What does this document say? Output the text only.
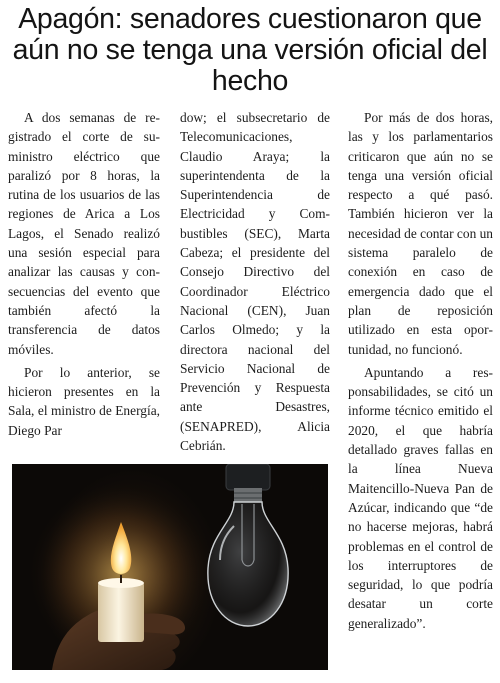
Apagón: senadores cuestionaron que aún no se tenga una versión oficial del hecho

A dos semanas de registrado el corte de suministro eléctrico que paralizó por 8 horas, la rutina de los usuarios de las regiones de Arica a Los Lagos, el Senado realizó una sesión especial para analizar las causas y consecuencias del evento que también afectó la transferencia de datos móviles.

Por lo anterior, se hicieron presentes en la Sala, el ministro de Energía, Diego Par

dow; el subsecretario de Telecomunicaciones, Claudio Araya; la superintendenta de la Superintendencia de Electricidad y Combustibles (SEC), Marta Cabeza; el presidente del Consejo Directivo del Coordinador Eléctrico Nacional (CEN), Juan Carlos Olmedo; y la directora nacional del Servicio Nacional de Prevención y Respuesta ante Desastres, (SENAPRED), Alicia Cebrián.

Por más de dos horas, las y los parlamentarios criticaron que aún no se tenga una versión oficial respecto a qué pasó. También hicieron ver la necesidad de contar con un sistema paralelo de conexión en caso de emergencia dado que el plan de reposición utilizado en esta oportunidad, no funcionó.

Apuntando a responsabilidades, se citó un informe técnico emitido el 2020, el que habría detallado graves fallas en la línea Nueva Maitencillo-Nueva Pan de Azúcar, indicando que “de no hacerse mejoras, habrá problemas en el control de los interruptores de seguridad, lo que podría desatar un corte generalizado”.
